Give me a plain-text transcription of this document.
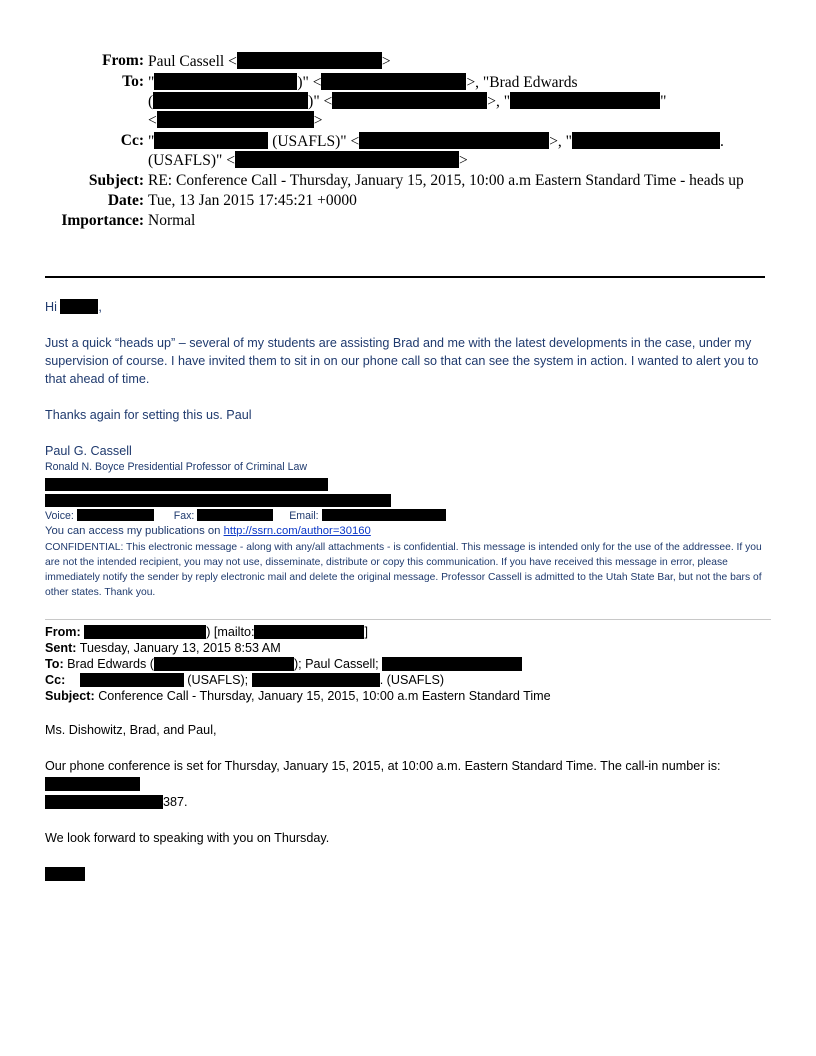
From: Paul Cassell <	>
To: "	)" <	>, "Brad Edwards
(	)" <	>, "	"
<	>
Cc: "	(USAFLS)" <	>, "	.
(USAFLS)" <	>
Subject: RE: Conference Call - Thursday, January 15, 2015, 10:00 a.m Eastern Standard Time - heads up
Date: Tue, 13 Jan 2015 17:45:21 +0000
Importance: Normal
Hi	,
Just a quick “heads up” – several of my students are assisting Brad and me with the latest developments in the case, under my supervision of course. I have invited them to sit in on our phone call so that can see the system in action. I wanted to alert you to that ahead of time.
Thanks again for setting this us. Paul
Paul G. Cassell
Ronald N. Boyce Presidential Professor of Criminal Law
Voice:	Fax:	Email:
You can access my publications on http://ssrn.com/author=30160
CONFIDENTIAL: This electronic message - along with any/all attachments - is confidential. This message is intended only for the use of the addressee. If you are not the intended recipient, you may not use, disseminate, distribute or copy this communication. If you have received this message in error, please immediately notify the sender by reply electronic mail and delete the original message. Professor Cassell is admitted to the Utah State Bar, but not the bars of other states. Thank you.
From:	) [mailto:	]
Sent: Tuesday, January 13, 2015 8:53 AM
To: Brad Edwards (	); Paul Cassell;
Cc:	(USAFLS);	. (USAFLS)
Subject: Conference Call - Thursday, January 15, 2015, 10:00 a.m Eastern Standard Time
Ms. Dishowitz, Brad, and Paul,
Our phone conference is set for Thursday, January 15, 2015, at 10:00 a.m. Eastern Standard Time. The call-in number is:
387.
We look forward to speaking with you on Thursday.
